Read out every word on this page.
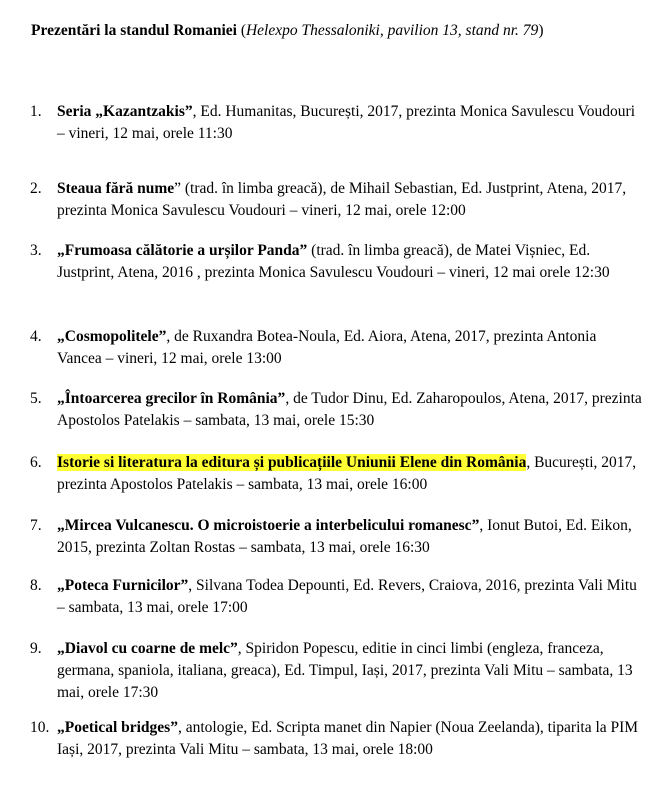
Prezentări la standul Romaniei (Helexpo Thessaloniki, pavilion 13, stand nr. 79)
1. Seria „Kazantzakis”, Ed. Humanitas, București, 2017, prezinta Monica Savulescu Voudouri – vineri, 12 mai, orele 11:30
2. Steaua fără nume” (trad. în limba greacă), de Mihail Sebastian, Ed. Justprint, Atena, 2017, prezinta Monica Savulescu Voudouri – vineri, 12 mai, orele 12:00
3. „Frumoasa călătorie a urșilor Panda” (trad. în limba greacă), de Matei Vișniec, Ed. Justprint, Atena, 2016 , prezinta Monica Savulescu Voudouri – vineri, 12 mai orele 12:30
4. „Cosmopolitele”, de Ruxandra Botea-Noula, Ed. Aiora, Atena, 2017, prezinta Antonia Vancea – vineri, 12 mai, orele 13:00
5. „Întoarcerea grecilor în România”, de Tudor Dinu, Ed. Zaharopoulos, Atena, 2017, prezinta Apostolos Patelakis – sambata, 13 mai, orele 15:30
6. Istorie si literatura la editura și publicațiile Uniunii Elene din România, București, 2017, prezinta Apostolos Patelakis – sambata, 13 mai, orele 16:00
7. „Mircea Vulcanescu. O microistoerie a interbelicului romanesc”, Ionut Butoi, Ed. Eikon, 2015, prezinta Zoltan Rostas – sambata, 13 mai, orele 16:30
8. „Poteca Furnicilor”, Silvana Todea Depounti, Ed. Revers, Craiova, 2016, prezinta Vali Mitu – sambata, 13 mai, orele 17:00
9. „Diavol cu coarne de melc”, Spiridon Popescu, editie in cinci limbi (engleza, franceza, germana, spaniola, italiana, greaca), Ed. Timpul, Iași, 2017, prezinta Vali Mitu – sambata, 13 mai, orele 17:30
10. „Poetical bridges”, antologie, Ed. Scripta manet din Napier (Noua Zeelanda), tiparita la PIM Iași, 2017, prezinta Vali Mitu – sambata, 13 mai, orele 18:00
